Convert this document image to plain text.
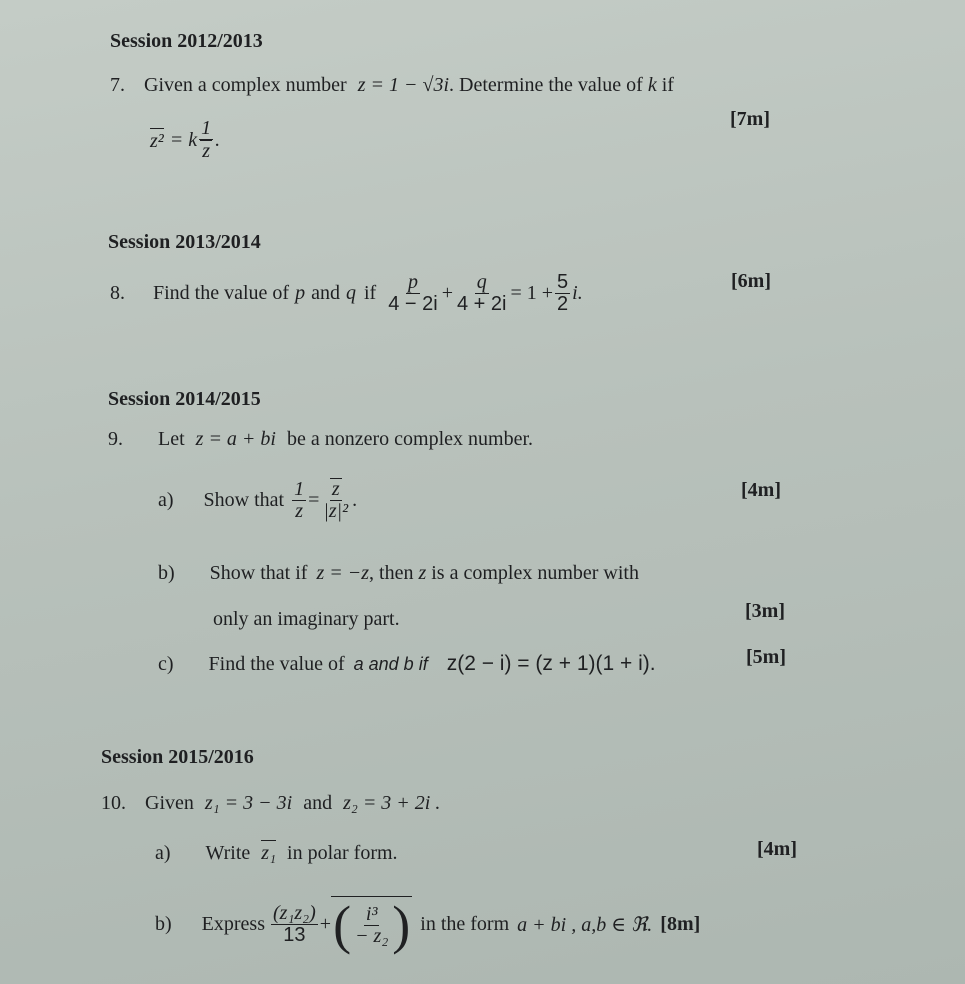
Session 2012/2013
7. Given a complex number z = 1 − √3i. Determine the value of k if
z² = k $\frac{1}{z}$ .
[7m]
Session 2013/2014
8. Find the value of p and q if $\frac{p}{4 - 2i} + \frac{q}{4 + 2i} = 1 + \frac{5}{2} i$.
[6m]
Session 2014/2015
9. Let z = a + bi be a nonzero complex number.
a) Show that $\frac{1}{z} = \frac{z}{\text{|z|²}}$ .	[4m]
b) Show that if z = −z, then z is a complex number with
only an imaginary part.	[3m]
c) Find the value of a and b if z(2 − i) = (z + 1)(1 + i).	[5m]
Session 2015/2016
10. Given z₁ = 3 − 3i and z₂ = 3 + 2i .
a) Write z₁ in polar form.	[4m]
b) Express $\frac{\text{(z₁z₂)}}{13}$ + ( $\frac{\text{i³}}{\text{− z₂}}$ ) in the form a + bi , a,b ∈ ℜ. [8m]
